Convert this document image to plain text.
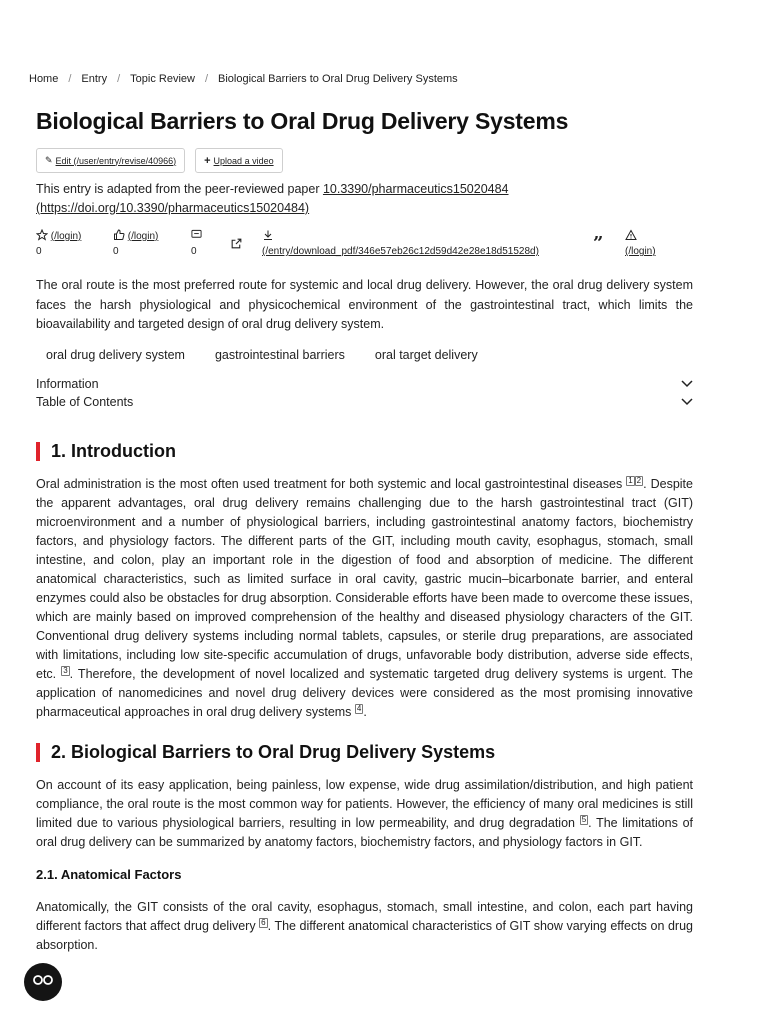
Home / Entry / Topic Review / Biological Barriers to Oral Drug Delivery Systems
Biological Barriers to Oral Drug Delivery Systems
✎ Edit (/user/entry/revise/40966)	+ Upload a video

This entry is adapted from the peer-reviewed paper 10.3390/pharmaceutics15020484 (https://doi.org/10.3390/pharmaceutics15020484)

(/login)
0
(/login)
0	0	(/entry/download_pdf/346e57eb26c12d59d42e28e18d51528d)	” (/login)

The oral route is the most preferred route for systemic and local drug delivery. However, the oral drug delivery system faces the harsh physiological and physicochemical environment of the gastrointestinal tract, which limits the bioavailability and targeted design of oral drug delivery system.

oral drug delivery system	gastrointestinal barriers	oral target delivery
Information
Table of Contents
1. Introduction

Oral administration is the most often used treatment for both systemic and local gastrointestinal diseases 1 2 . Despite the apparent advantages, oral drug delivery remains challenging due to the harsh gastrointestinal tract (GIT) microenvironment and a number of physiological barriers, including gastrointestinal anatomy factors, biochemistry factors, and physiology factors. The different parts of the GIT, including mouth cavity, esophagus, stomach, small intestine, and colon, play an important role in the digestion of food and absorption of medicine. The different anatomical characteristics, such as limited surface in oral cavity, gastric mucin–bicarbonate barrier, and enteral enzymes could also be obstacles for drug absorption. Considerable efforts have been made to overcome these issues, which are mainly based on improved comprehension of the healthy and diseased physiology characters of the GIT. Conventional drug delivery systems including normal tablets, capsules, or sterile drug preparations, are associated with limitations, including low site-specific accumulation of drugs, unfavorable body distribution, adverse side effects, etc. 3 . Therefore, the development of novel localized and systematic targeted drug delivery systems is urgent. The application of nanomedicines and novel drug delivery devices were considered as the most promising innovative pharmaceutical approaches in oral drug delivery systems 4 .

2. Biological Barriers to Oral Drug Delivery Systems

On account of its easy application, being painless, low expense, wide drug assimilation/distribution, and high patient compliance, the oral route is the most common way for patients. However, the efficiency of many oral medicines is still limited due to various physiological barriers, resulting in low permeability, and drug degradation 5 . The limitations of oral drug delivery can be summarized by anatomy factors, biochemistry factors, and physiology factors in GIT.

2.1. Anatomical Factors

Anatomically, the GIT consists of the oral cavity, esophagus, stomach, small intestine, and colon, each part having different factors that affect drug delivery 6 . The different anatomical characteristics of GIT show varying effects on drug absorption.
